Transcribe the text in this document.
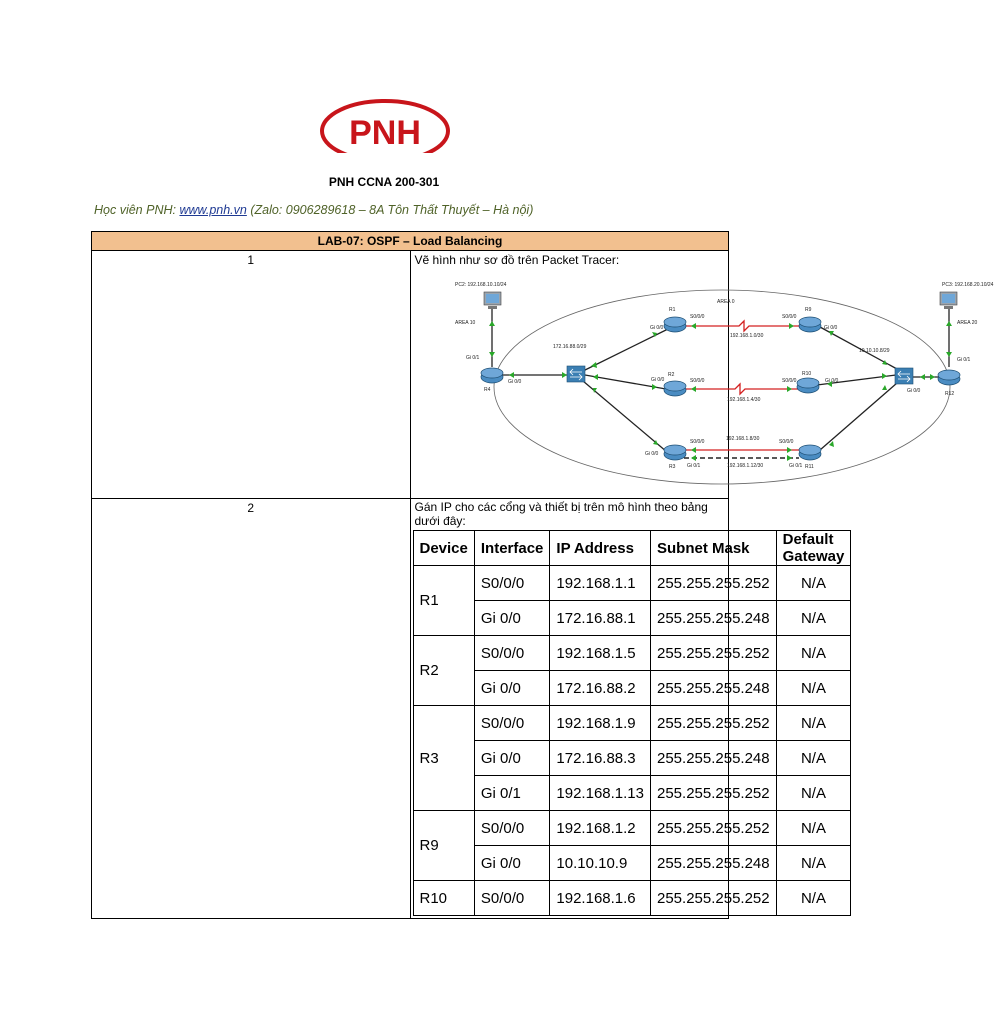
PNH
PNH CCNA 200-301
Học viên PNH: www.pnh.vn (Zalo: 0906289618 – 8A Tôn Thất Thuyết – Hà nội)
LAB-07: OSPF – Load Balancing
1	Vẽ hình như sơ đồ trên Packet Tracer:
AREA 0
PC2: 192.168.10.10/24	PC3: 192.168.20.10/24
AREA 10	AREA 20
Gi 0/1	Gi 0/1
Gi 0/0
Gi 0/0
R4
R12
172.16.88.0/29
10.10.10.8/29
R1
Gi 0/0
S0/0/0
192.168.1.0/30
S0/0/0
R9
Gi 0/0
R2
Gi 0/0	S0/0/0
192.168.1.4/30
S0/0/0
R10
Gi 0/0
S0/0/0	192.168.1.8/30	S0/0/0
Gi 0/0
Gi 0/1	192.168.1.12/30	Gi 0/1
R3	R11

2	Gán IP cho các cổng và thiết bị trên mô hình theo bảng dưới đây:
Device	Interface	IP Address	Subnet Mask	Default Gateway
R1	S0/0/0	192.168.1.1	255.255.255.252	N/A
Gi 0/0	172.16.88.1	255.255.255.248	N/A
R2	S0/0/0	192.168.1.5	255.255.255.252	N/A
Gi 0/0	172.16.88.2	255.255.255.248	N/A
R3	S0/0/0	192.168.1.9	255.255.255.252	N/A
Gi 0/0	172.16.88.3	255.255.255.248	N/A
Gi 0/1	192.168.1.13	255.255.255.252	N/A
R9	S0/0/0	192.168.1.2	255.255.255.252	N/A
Gi 0/0	10.10.10.9	255.255.255.248	N/A
R10	S0/0/0	192.168.1.6	255.255.255.252	N/A
